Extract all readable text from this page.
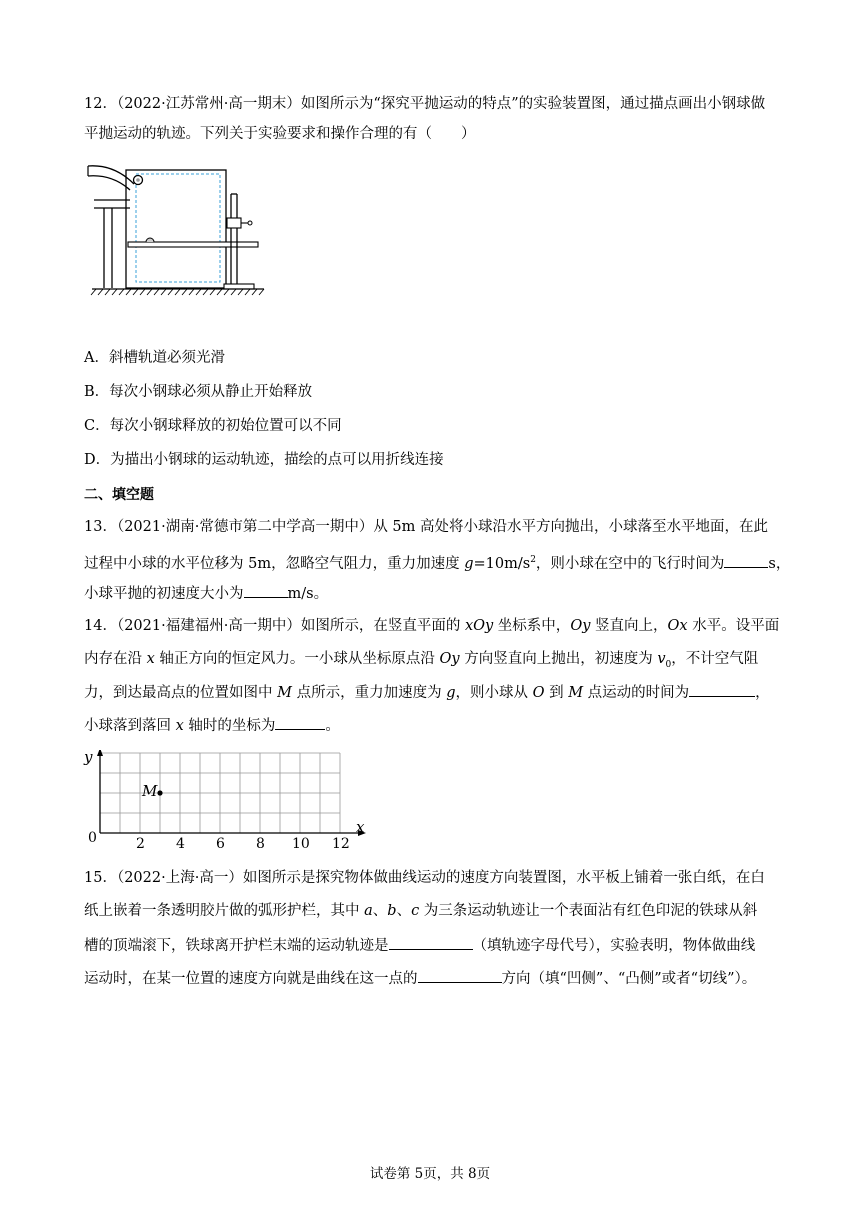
12．（2022·江苏常州·高一期末）如图所示为“探究平抛运动的特点”的实验装置图，通过描点画出小钢球做
平抛运动的轨迹。下列关于实验要求和操作合理的有（　　）
A．斜槽轨道必须光滑
B．每次小钢球必须从静止开始释放
C．每次小钢球释放的初始位置可以不同
D．为描出小钢球的运动轨迹，描绘的点可以用折线连接
二、填空题
13．（2021·湖南·常德市第二中学高一期中）从 5m 高处将小球沿水平方向抛出，小球落至水平地面，在此
过程中小球的水平位移为 5m，忽略空气阻力，重力加速度 $g=10m/s^2$，则小球在空中的飞行时间为	s，
小球平抛的初速度大小为	m/s。
14．（2021·福建福州·高一期中）如图所示，在竖直平面的 xOy 坐标系中，Oy 竖直向上，Ox 水平。设平面
内存在沿 x 轴正方向的恒定风力。一小球从坐标原点沿 Oy 方向竖直向上抛出，初速度为 $v_0$，不计空气阻
力，到达最高点的位置如图中 M 点所示，重力加速度为 g，则小球从 O 到 M 点运动的时间为	，
小球落到落回 x 轴时的坐标为	。
y
x
0	2 4 6 8 10 12
M
15．（2022·上海·高一）如图所示是探究物体做曲线运动的速度方向装置图，水平板上铺着一张白纸，在白
纸上嵌着一条透明胶片做的弧形护栏，其中 a、b、c 为三条运动轨迹让一个表面沾有红色印泥的铁球从斜
槽的顶端滚下，铁球离开护栏末端的运动轨迹是	（填轨迹字母代号），实验表明，物体做曲线
运动时，在某一位置的速度方向就是曲线在这一点的	方向（填“凹侧”、“凸侧”或者“切线”）。
试卷第 5页，共 8页
